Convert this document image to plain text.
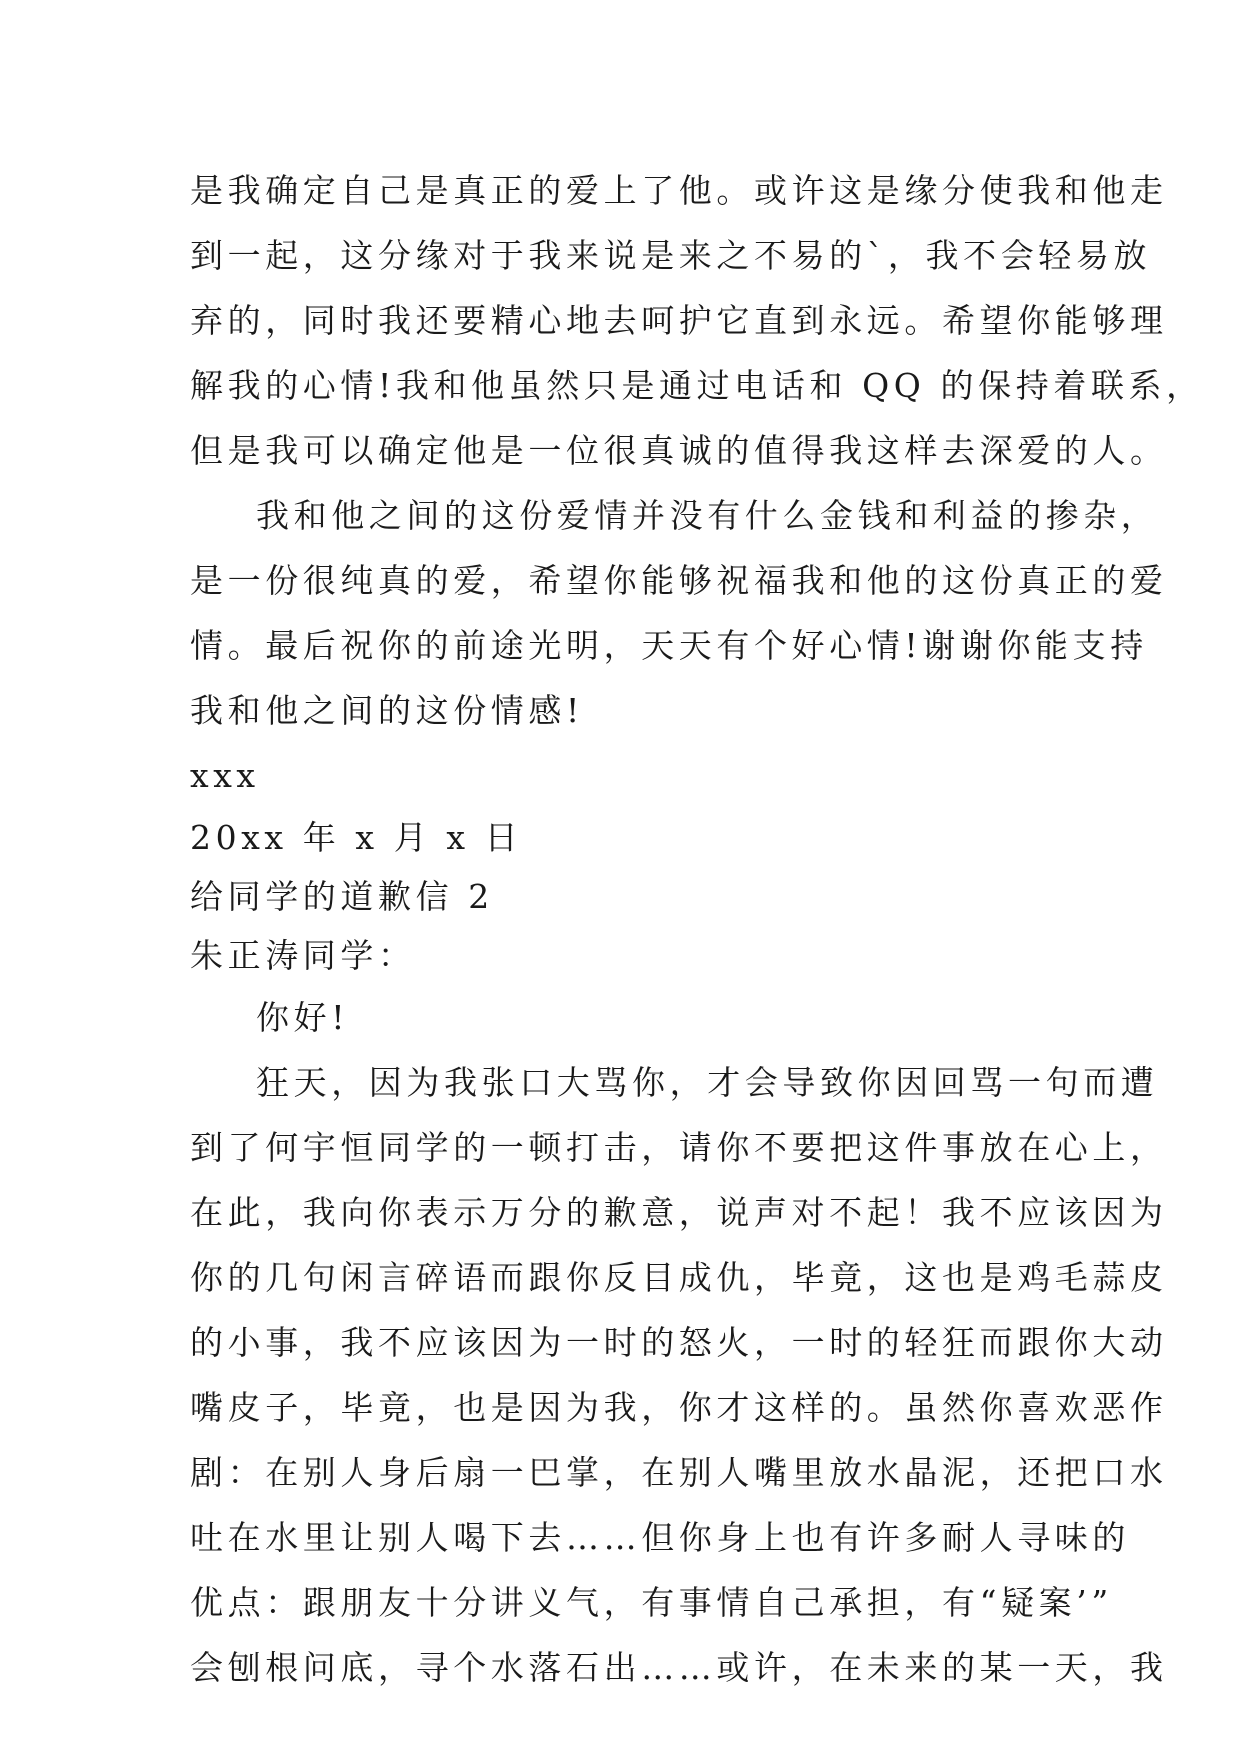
是我确定自己是真正的爱上了他。或许这是缘分使我和他走
到一起，这分缘对于我来说是来之不易的`，我不会轻易放
弃的，同时我还要精心地去呵护它直到永远。希望你能够理
解我的心情!我和他虽然只是通过电话和 QQ 的保持着联系，
但是我可以确定他是一位很真诚的值得我这样去深爱的人。
我和他之间的这份爱情并没有什么金钱和利益的掺杂，
是一份很纯真的爱，希望你能够祝福我和他的这份真正的爱
情。最后祝你的前途光明，天天有个好心情!谢谢你能支持
我和他之间的这份情感!
xxx
20xx 年 x 月 x 日
给同学的道歉信 2
朱正涛同学：
你好!
狂天，因为我张口大骂你，才会导致你因回骂一句而遭
到了何宇恒同学的一顿打击，请你不要把这件事放在心上，
在此，我向你表示万分的歉意，说声对不起！我不应该因为
你的几句闲言碎语而跟你反目成仇，毕竟，这也是鸡毛蒜皮
的小事，我不应该因为一时的怒火，一时的轻狂而跟你大动
嘴皮子，毕竟，也是因为我，你才这样的。虽然你喜欢恶作
剧：在别人身后扇一巴掌，在别人嘴里放水晶泥，还把口水
吐在水里让别人喝下去……但你身上也有许多耐人寻味的
优点：跟朋友十分讲义气，有事情自己承担，有“疑案’”
会刨根问底，寻个水落石出……或许，在未来的某一天，我
